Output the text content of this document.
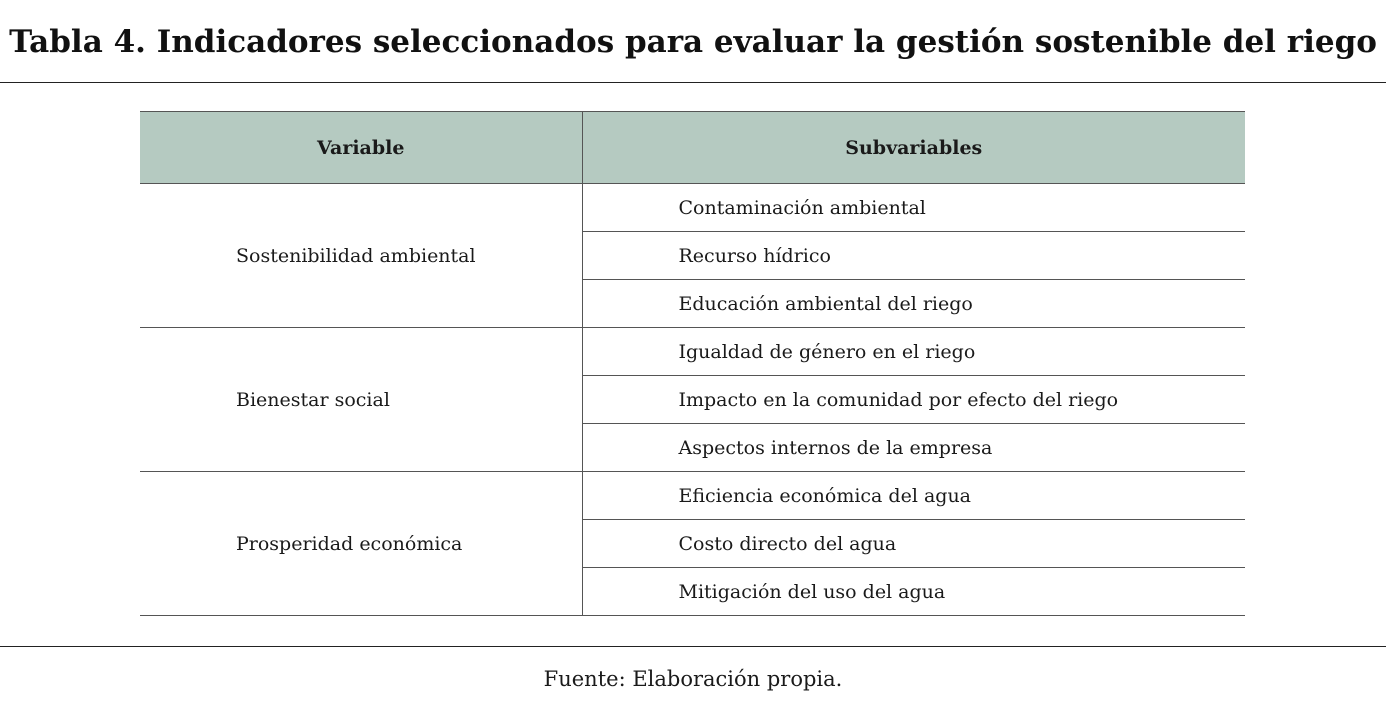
Tabla 4. Indicadores seleccionados para evaluar la gestión sostenible del riego
Variable	Subvariables
Sostenibilidad ambiental	Contaminación ambiental
	Recurso hídrico
	Educación ambiental del riego
Bienestar social	Igualdad de género en el riego
	Impacto en la comunidad por efecto del riego
	Aspectos internos de la empresa
Prosperidad económica	Eficiencia económica del agua
	Costo directo del agua
	Mitigación del uso del agua
Fuente: Elaboración propia.
